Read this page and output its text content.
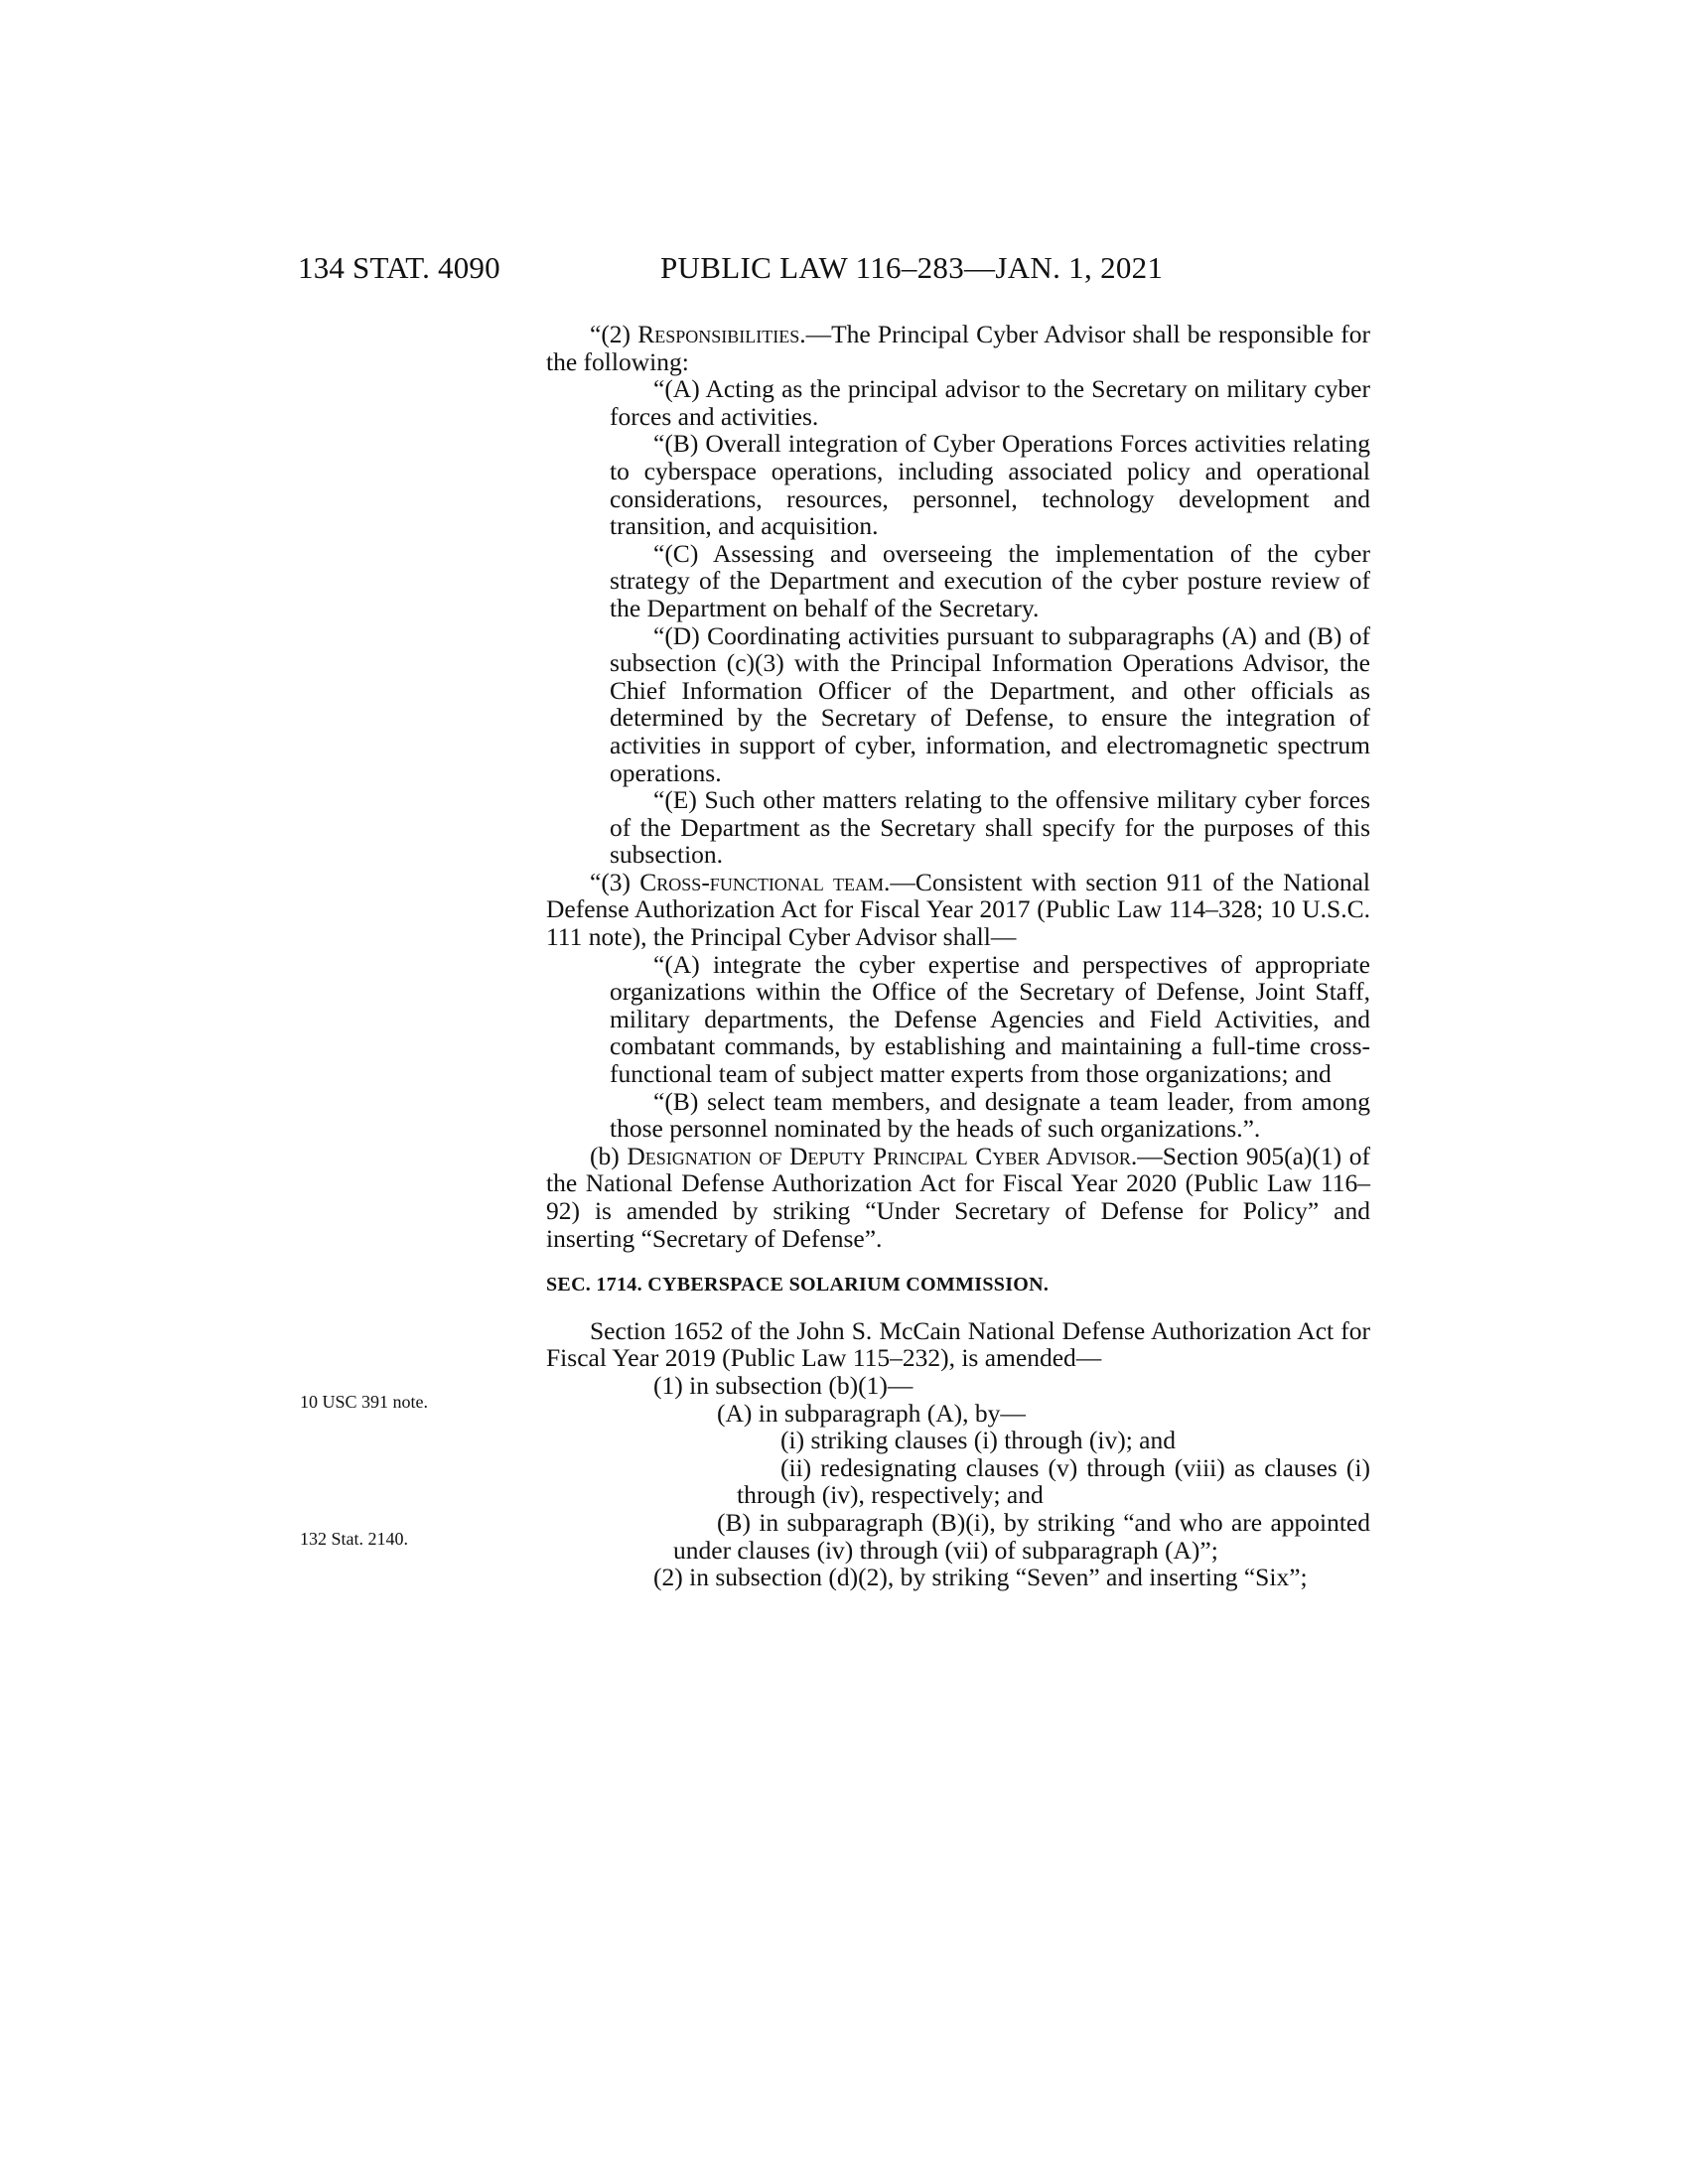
134 STAT. 4090	PUBLIC LAW 116–283—JAN. 1, 2021
10 USC 391 note.
132 Stat. 2140.

“(2) Responsibilities.—The Principal Cyber Advisor shall be responsible for the following:

“(A) Acting as the principal advisor to the Secretary on military cyber forces and activities.

“(B) Overall integration of Cyber Operations Forces activities relating to cyberspace operations, including associated policy and operational considerations, resources, personnel, technology development and transition, and acquisition.

“(C) Assessing and overseeing the implementation of the cyber strategy of the Department and execution of the cyber posture review of the Department on behalf of the Secretary.

“(D) Coordinating activities pursuant to subparagraphs (A) and (B) of subsection (c)(3) with the Principal Information Operations Advisor, the Chief Information Officer of the Department, and other officials as determined by the Secretary of Defense, to ensure the integration of activities in support of cyber, information, and electromagnetic spectrum operations.

“(E) Such other matters relating to the offensive military cyber forces of the Department as the Secretary shall specify for the purposes of this subsection.

“(3) Cross-functional team.—Consistent with section 911 of the National Defense Authorization Act for Fiscal Year 2017 (Public Law 114–328; 10 U.S.C. 111 note), the Principal Cyber Advisor shall—

“(A) integrate the cyber expertise and perspectives of appropriate organizations within the Office of the Secretary of Defense, Joint Staff, military departments, the Defense Agencies and Field Activities, and combatant commands, by establishing and maintaining a full-time cross-functional team of subject matter experts from those organizations; and

“(B) select team members, and designate a team leader, from among those personnel nominated by the heads of such organizations.”.

(b) Designation of Deputy Principal Cyber Advisor.—Section 905(a)(1) of the National Defense Authorization Act for Fiscal Year 2020 (Public Law 116–92) is amended by striking “Under Secretary of Defense for Policy” and inserting “Secretary of Defense”.

SEC. 1714. CYBERSPACE SOLARIUM COMMISSION.

Section 1652 of the John S. McCain National Defense Authorization Act for Fiscal Year 2019 (Public Law 115–232), is amended—

(1) in subsection (b)(1)—

(A) in subparagraph (A), by—

(i) striking clauses (i) through (iv); and

(ii) redesignating clauses (v) through (viii) as clauses (i) through (iv), respectively; and

(B) in subparagraph (B)(i), by striking “and who are appointed under clauses (iv) through (vii) of subparagraph (A)”;

(2) in subsection (d)(2), by striking “Seven” and inserting “Six”;
